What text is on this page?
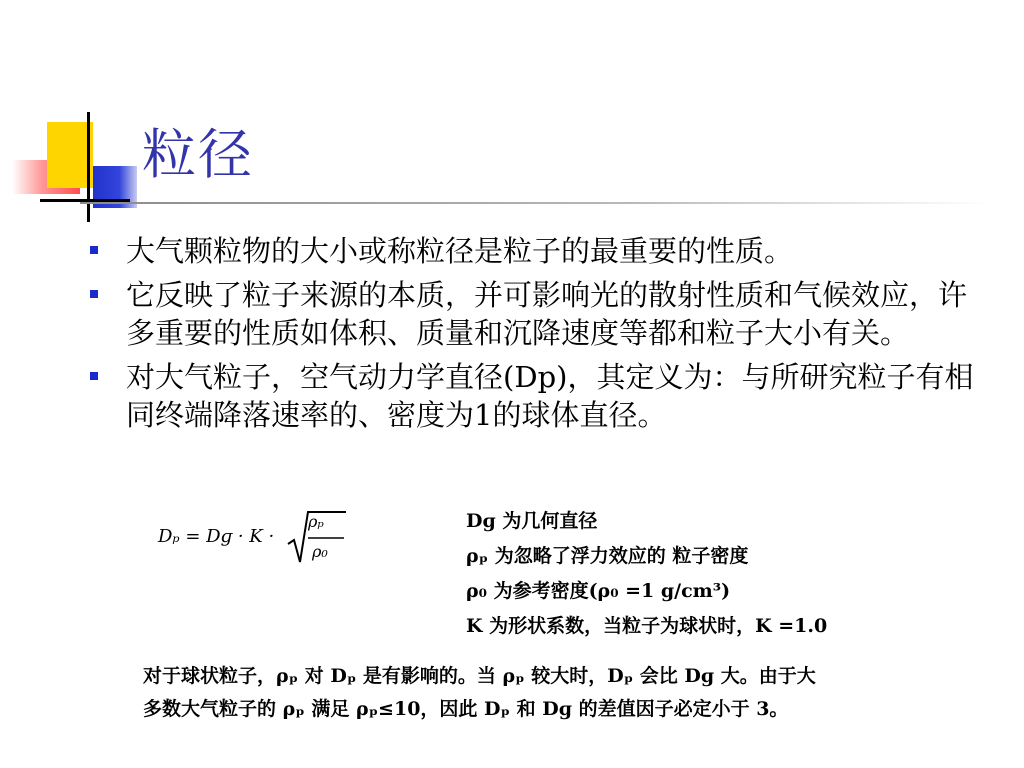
粒径
大气颗粒物的大小或称粒径是粒子的最重要的性质。
它反映了粒子来源的本质，并可影响光的散射性质和气候效应，许多重要的性质如体积、质量和沉降速度等都和粒子大小有关。
对大气粒子，空气动力学直径(Dp)，其定义为：与所研究粒子有相同终端降落速率的、密度为1的球体直径。
Dₚ = Dɡ · K ·
ρₚ
ρ₀
Dɡ 为几何直径
ρₚ 为忽略了浮力效应的 粒子密度
ρ₀ 为参考密度(ρ₀ =1 g/cm³)
K 为形状系数，当粒子为球状时，K =1.0

对于球状粒子，ρₚ 对 Dₚ 是有影响的。当 ρₚ 较大时，Dₚ 会比 Dɡ 大。由于大
多数大气粒子的 ρₚ 满足 ρₚ≤10，因此 Dₚ 和 Dɡ 的差值因子必定小于 3。
